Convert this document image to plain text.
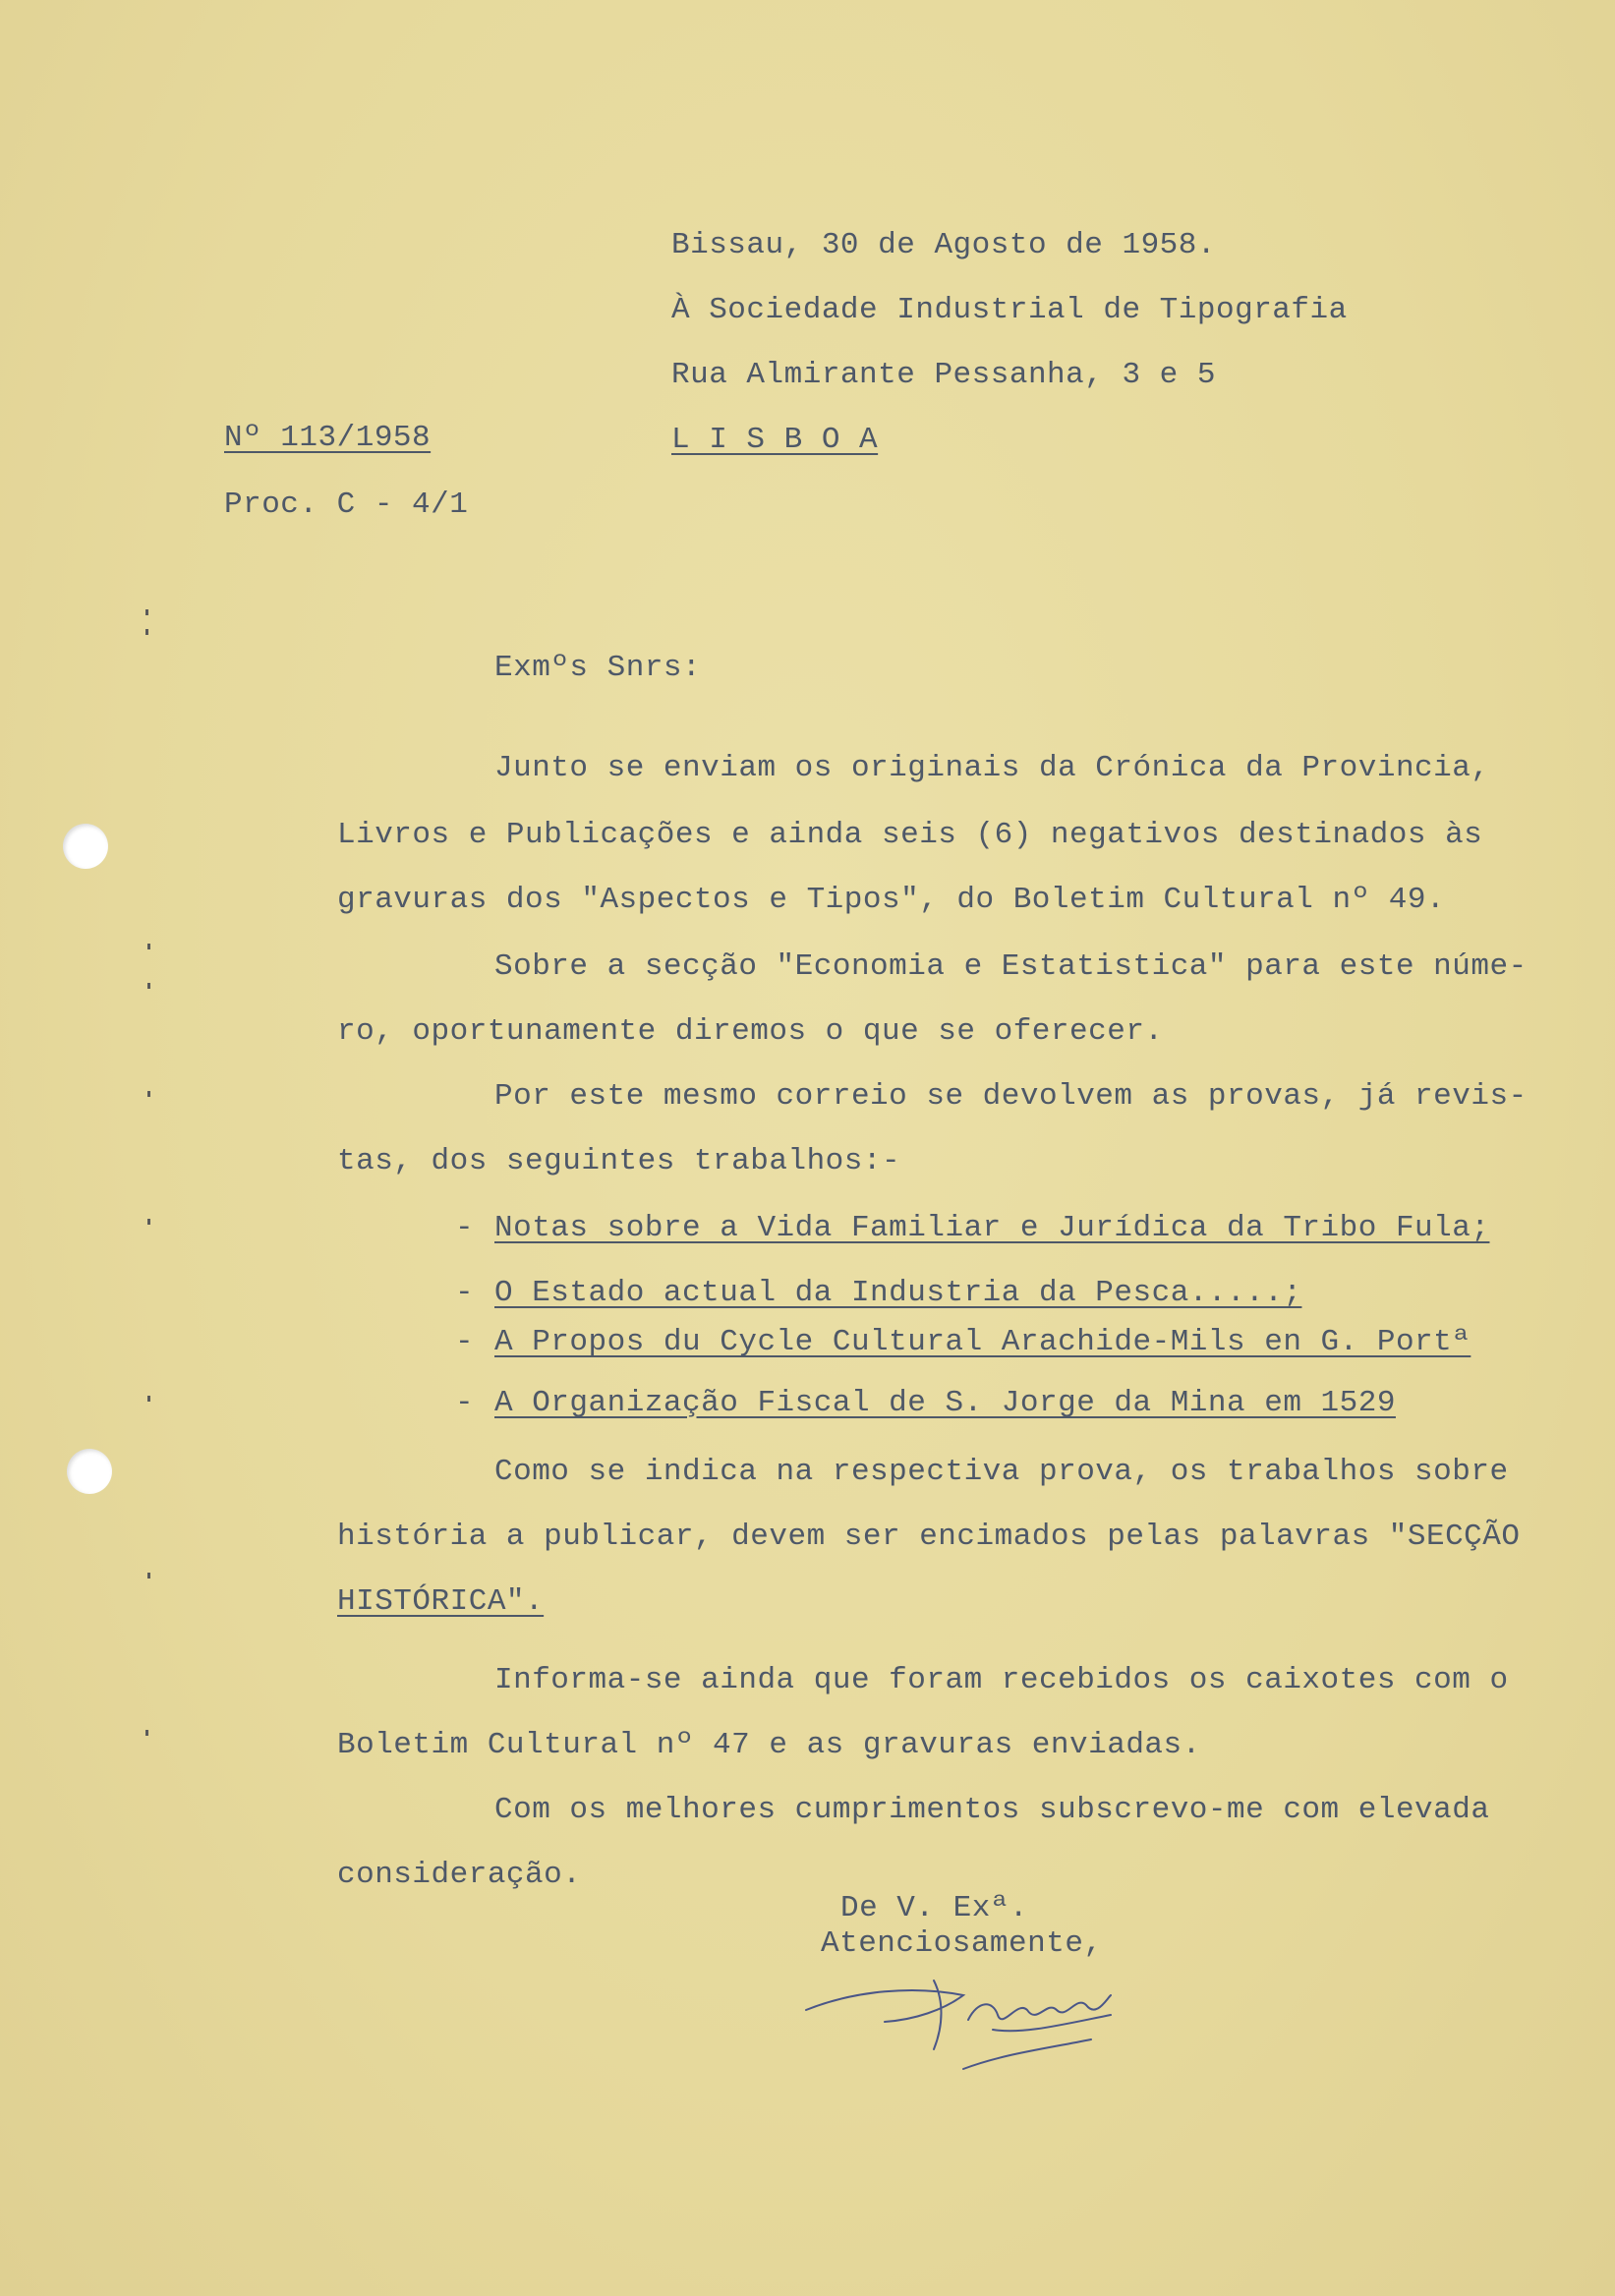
Bissau, 30 de Agosto de 1958.
À Sociedade Industrial de Tipografia
Rua Almirante Pessanha, 3 e 5
L I S B O A
Nº 113/1958
Proc. C - 4/1
Exmºs Snrs:
Junto se enviam os originais da Crónica da Provincia,
Livros e Publicações e ainda seis (6) negativos destinados às
gravuras dos "Aspectos e Tipos", do Boletim Cultural nº 49.
Sobre a secção "Economia e Estatistica" para este núme-
ro, oportunamente diremos o que se oferecer.
Por este mesmo correio se devolvem as provas, já revis-
tas, dos seguintes trabalhos:-
- Notas sobre a Vida Familiar e Jurídica da Tribo Fula;
- O Estado actual da Industria da Pesca.....;
- A Propos du Cycle Cultural Arachide-Mils en G. Portª
- A Organização Fiscal de S. Jorge da Mina em 1529
Como se indica na respectiva prova, os trabalhos sobre
história a publicar, devem ser encimados pelas palavras "SECÇÃO
HISTÓRICA".
Informa-se ainda que foram recebidos os caixotes com o
Boletim Cultural nº 47 e as gravuras enviadas.
Com os melhores cumprimentos subscrevo-me com elevada
consideração.
De V. Exª.
Atenciosamente,
